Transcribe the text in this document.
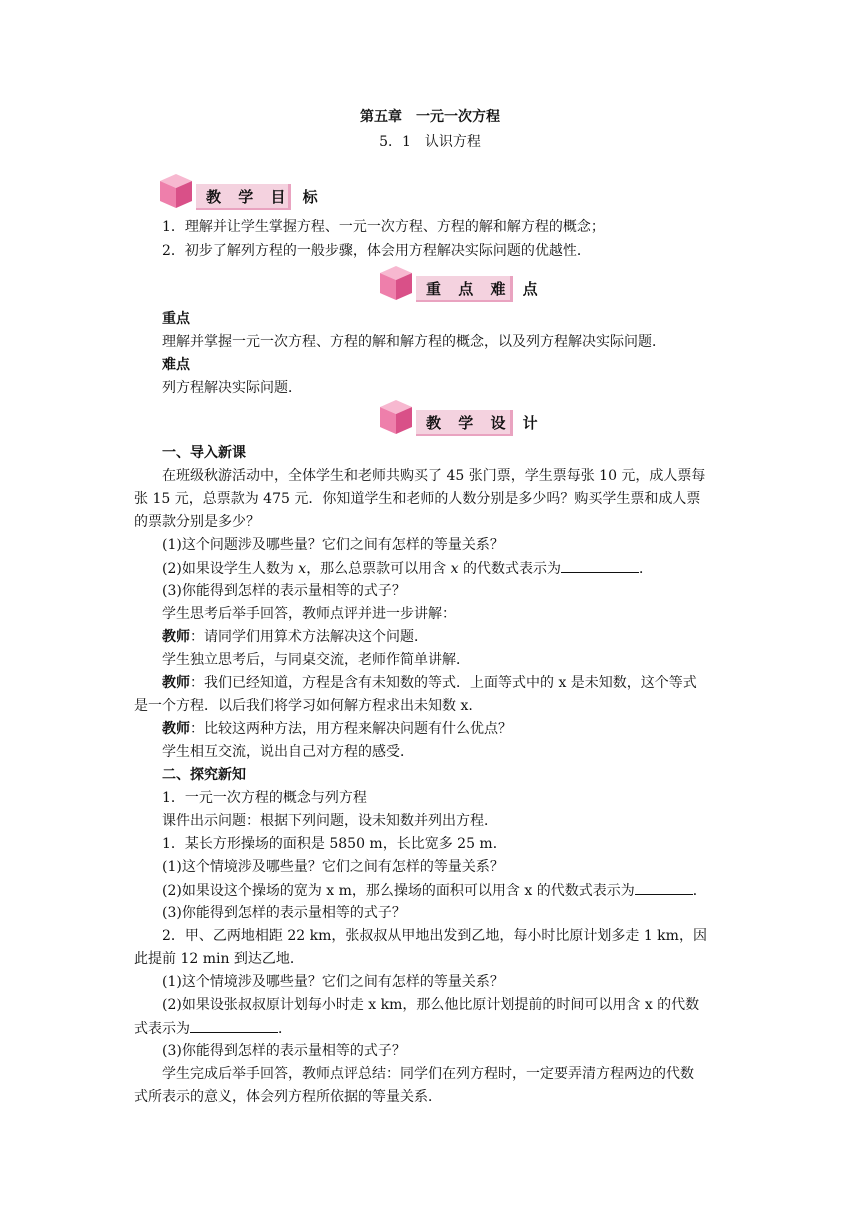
第五章　一元一次方程
5．1　认识方程
教 学 目 标
1．理解并让学生掌握方程、一元一次方程、方程的解和解方程的概念；
2．初步了解列方程的一般步骤，体会用方程解决实际问题的优越性．
重 点 难 点
重点
理解并掌握一元一次方程、方程的解和解方程的概念，以及列方程解决实际问题．
难点
列方程解决实际问题．
教 学 设 计
一、导入新课
在班级秋游活动中，全体学生和老师共购买了 45 张门票，学生票每张 10 元，成人票每
张 15 元，总票款为 475 元．你知道学生和老师的人数分别是多少吗？购买学生票和成人票
的票款分别是多少？
(1)这个问题涉及哪些量？它们之间有怎样的等量关系？
(2)如果设学生人数为 x，那么总票款可以用含 x 的代数式表示为	．
(3)你能得到怎样的表示量相等的式子？
学生思考后举手回答，教师点评并进一步讲解：
教师：请同学们用算术方法解决这个问题．
学生独立思考后，与同桌交流，老师作简单讲解．
教师：我们已经知道，方程是含有未知数的等式．上面等式中的 x 是未知数，这个等式
是一个方程．以后我们将学习如何解方程求出未知数 x.
教师：比较这两种方法，用方程来解决问题有什么优点？
学生相互交流，说出自己对方程的感受．
二、探究新知
1．一元一次方程的概念与列方程
课件出示问题：根据下列问题，设未知数并列出方程．
1．某长方形操场的面积是 5850 m，长比宽多 25 m．
(1)这个情境涉及哪些量？它们之间有怎样的等量关系？
(2)如果设这个操场的宽为 x m，那么操场的面积可以用含 x 的代数式表示为	．
(3)你能得到怎样的表示量相等的式子？
2．甲、乙两地相距 22 km，张叔叔从甲地出发到乙地，每小时比原计划多走 1 km，因
此提前 12 min 到达乙地．
(1)这个情境涉及哪些量？它们之间有怎样的等量关系？
(2)如果设张叔叔原计划每小时走 x km，那么他比原计划提前的时间可以用含 x 的代数
式表示为	．
(3)你能得到怎样的表示量相等的式子？
学生完成后举手回答，教师点评总结：同学们在列方程时，一定要弄清方程两边的代数
式所表示的意义，体会列方程所依据的等量关系．
